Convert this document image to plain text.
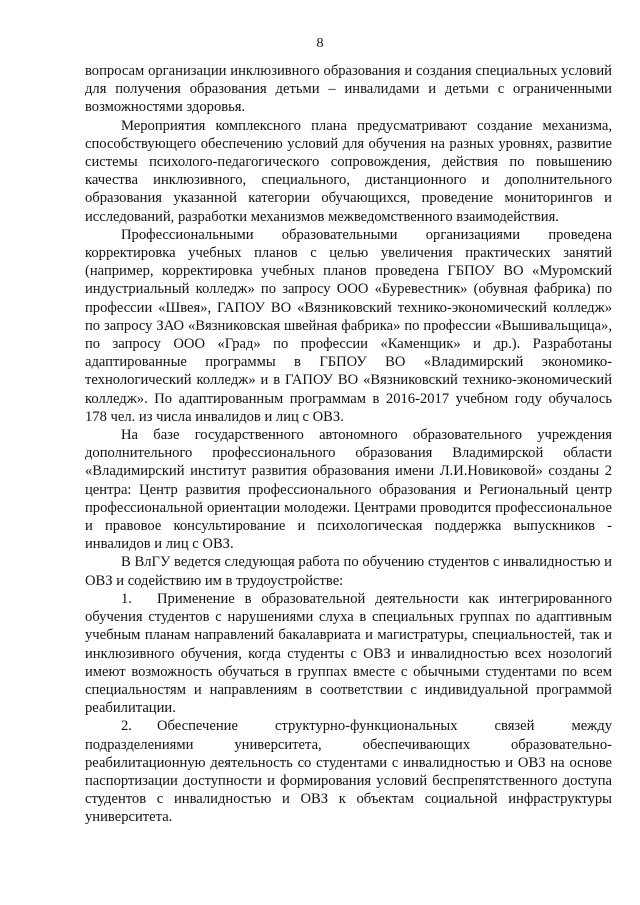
8

вопросам организации инклюзивного образования и создания специальных условий для получения образования детьми – инвалидами и детьми с ограниченными возможностями здоровья.

Мероприятия комплексного плана предусматривают создание механизма, способствующего обеспечению условий для обучения на разных уровнях, развитие системы психолого-педагогического сопровождения, действия по повышению качества инклюзивного, специального, дистанционного и дополнительного образования указанной категории обучающихся, проведение мониторингов и исследований, разработки механизмов межведомственного взаимодействия.

Профессиональными образовательными организациями проведена корректировка учебных планов с целью увеличения практических занятий (например, корректировка учебных планов проведена ГБПОУ ВО «Муромский индустриальный колледж» по запросу ООО «Буревестник» (обувная фабрика) по профессии «Швея», ГАПОУ ВО «Вязниковский технико-экономический колледж» по запросу ЗАО «Вязниковская швейная фабрика» по профессии «Вышивальщица», по запросу ООО «Град» по профессии «Каменщик» и др.). Разработаны адаптированные программы в ГБПОУ ВО «Владимирский экономико-технологический колледж» и в ГАПОУ ВО «Вязниковский технико-экономический колледж». По адаптированным программам в 2016-2017 учебном году обучалось 178 чел. из числа инвалидов и лиц с ОВЗ.

На базе государственного автономного образовательного учреждения дополнительного профессионального образования Владимирской области «Владимирский институт развития образования имени Л.И.Новиковой» созданы 2 центра: Центр развития профессионального образования и Региональный центр профессиональной ориентации молодежи. Центрами проводится профессиональное и правовое консультирование и психологическая поддержка выпускников - инвалидов и лиц с ОВЗ.

В ВлГУ ведется следующая работа по обучению студентов с инвалидностью и ОВЗ и содействию им в трудоустройстве:

1. Применение в образовательной деятельности как интегрированного обучения студентов с нарушениями слуха в специальных группах по адаптивным учебным планам направлений бакалавриата и магистратуры, специальностей, так и инклюзивного обучения, когда студенты с ОВЗ и инвалидностью всех нозологий имеют возможность обучаться в группах вместе с обычными студентами по всем специальностям и направлениям в соответствии с индивидуальной программой реабилитации.

2. Обеспечение структурно-функциональных связей между подразделениями университета, обеспечивающих образовательно-реабилитационную деятельность со студентами с инвалидностью и ОВЗ на основе паспортизации доступности и формирования условий беспрепятственного доступа студентов с инвалидностью и ОВЗ к объектам социальной инфраструктуры университета.
